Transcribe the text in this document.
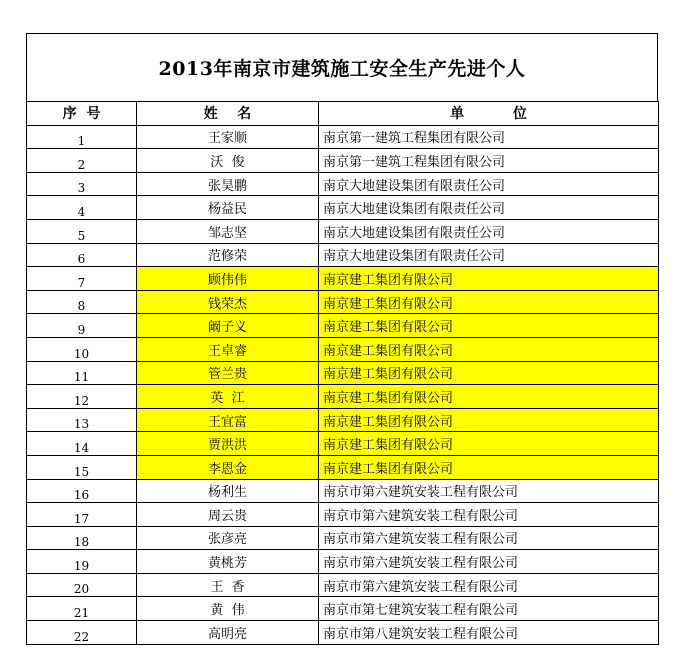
2013年南京市建筑施工安全生产先进个人
序  号	姓    名	单          位
1	王家顺	南京第一建筑工程集团有限公司
2	沃  俊	南京第一建筑工程集团有限公司
3	张昊鹏	南京大地建设集团有限责任公司
4	杨益民	南京大地建设集团有限责任公司
5	邹志坚	南京大地建设集团有限责任公司
6	范修荣	南京大地建设集团有限责任公司
7	顾伟伟	南京建工集团有限公司
8	钱荣杰	南京建工集团有限公司
9	阚子义	南京建工集团有限公司
10	王卓睿	南京建工集团有限公司
11	管兰贵	南京建工集团有限公司
12	英  江	南京建工集团有限公司
13	王宜富	南京建工集团有限公司
14	贾洪洪	南京建工集团有限公司
15	李恩金	南京建工集团有限公司
16	杨利生	南京市第六建筑安装工程有限公司
17	周云贵	南京市第六建筑安装工程有限公司
18	张彦亮	南京市第六建筑安装工程有限公司
19	黄桃芳	南京市第六建筑安装工程有限公司
20	王  香	南京市第六建筑安装工程有限公司
21	黄  伟	南京市第七建筑安装工程有限公司
22	高明亮	南京市第八建筑安装工程有限公司
